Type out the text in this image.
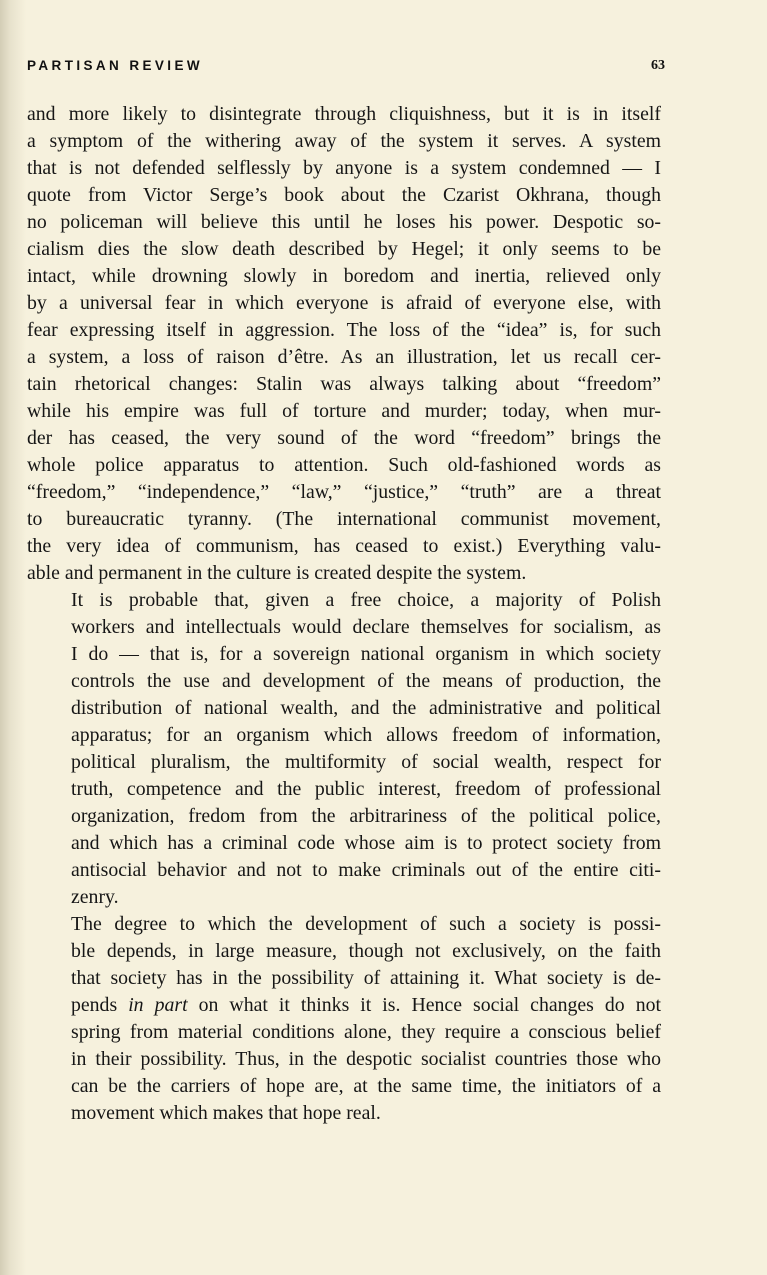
PARTISAN REVIEW	63

and more likely to disintegrate through cliquishness, but it is in itself
a symptom of the withering away of the system it serves. A system
that is not defended selflessly by anyone is a system condemned — I
quote from Victor Serge’s book about the Czarist Okhrana, though
no policeman will believe this until he loses his power. Despotic so-
cialism dies the slow death described by Hegel; it only seems to be
intact, while drowning slowly in boredom and inertia, relieved only
by a universal fear in which everyone is afraid of everyone else, with
fear expressing itself in aggression. The loss of the “idea” is, for such
a system, a loss of raison d’être. As an illustration, let us recall cer-
tain rhetorical changes: Stalin was always talking about “freedom”
while his empire was full of torture and murder; today, when mur-
der has ceased, the very sound of the word “freedom” brings the
whole police apparatus to attention. Such old-fashioned words as
“freedom,” “independence,” “law,” “justice,” “truth” are a threat
to bureaucratic tyranny. (The international communist movement,
the very idea of communism, has ceased to exist.) Everything valu-
able and permanent in the culture is created despite the system.

It is probable that, given a free choice, a majority of Polish
workers and intellectuals would declare themselves for socialism, as
I do — that is, for a sovereign national organism in which society
controls the use and development of the means of production, the
distribution of national wealth, and the administrative and political
apparatus; for an organism which allows freedom of information,
political pluralism, the multiformity of social wealth, respect for
truth, competence and the public interest, freedom of professional
organization, fredom from the arbitrariness of the political police,
and which has a criminal code whose aim is to protect society from
antisocial behavior and not to make criminals out of the entire citi-
zenry.

The degree to which the development of such a society is possi-
ble depends, in large measure, though not exclusively, on the faith
that society has in the possibility of attaining it. What society is de-
pends in part on what it thinks it is. Hence social changes do not
spring from material conditions alone, they require a conscious belief
in their possibility. Thus, in the despotic socialist countries those who
can be the carriers of hope are, at the same time, the initiators of a
movement which makes that hope real.
